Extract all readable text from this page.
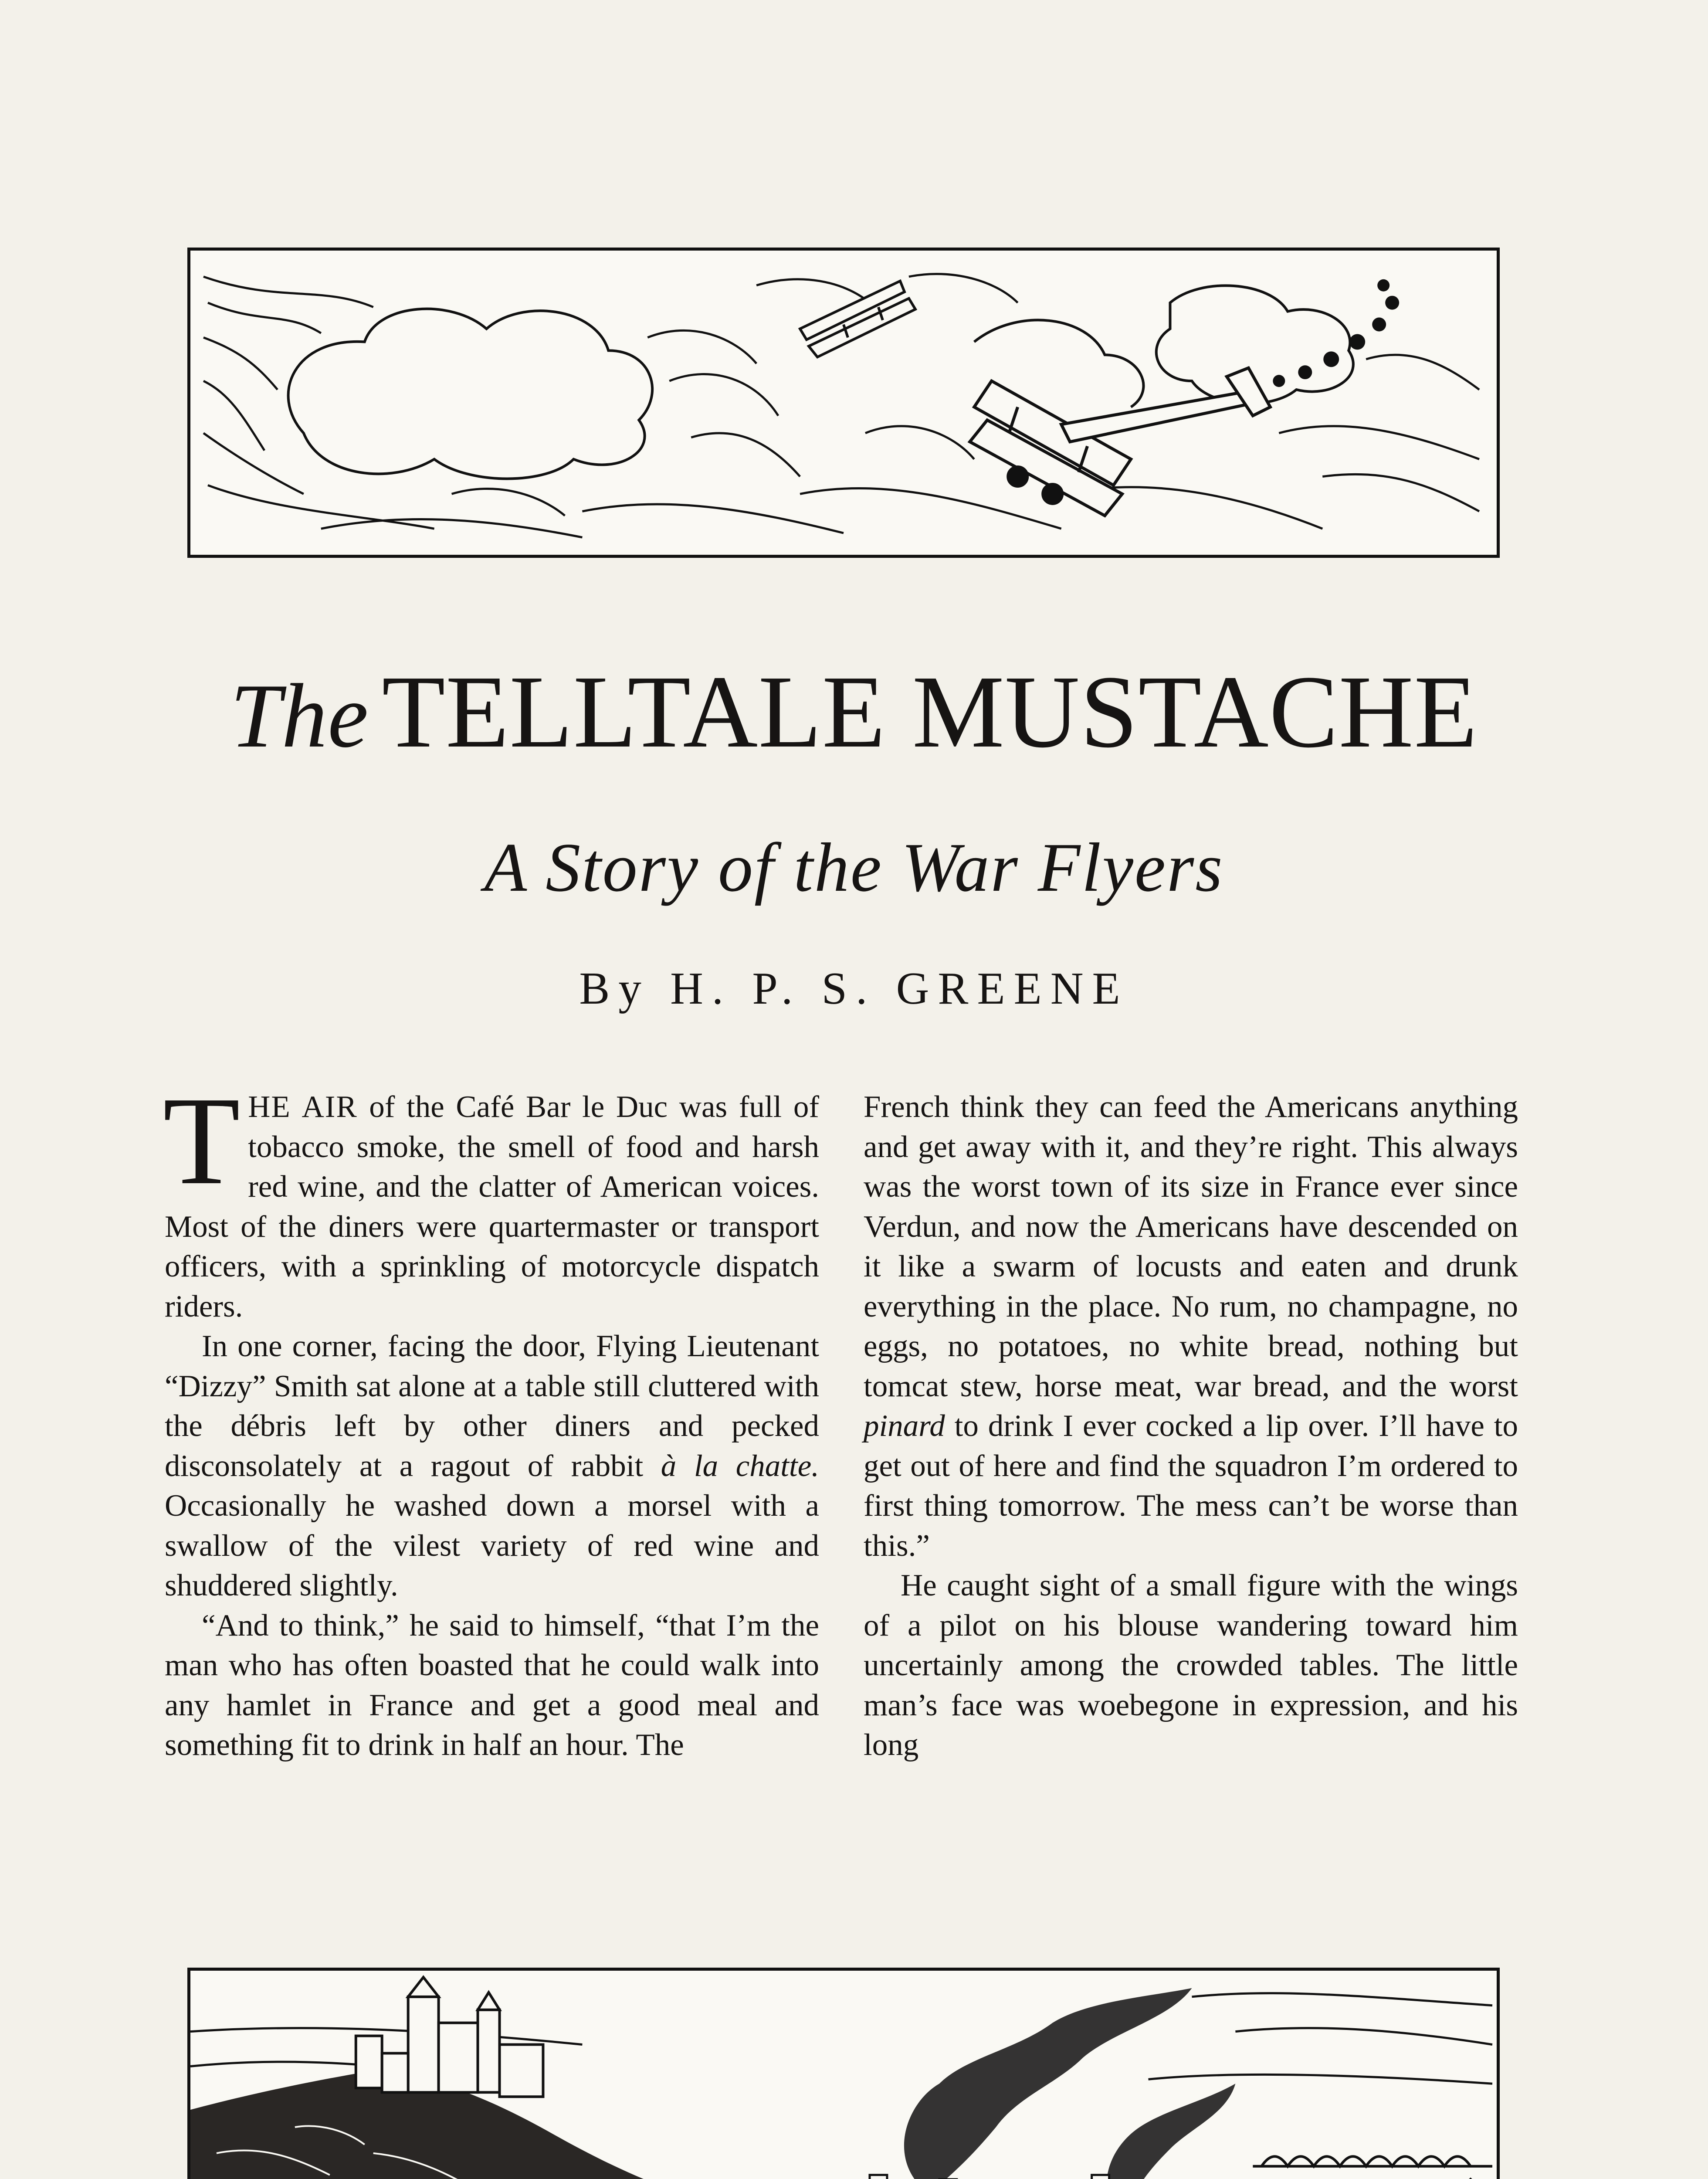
The TELLTALE MUSTACHE
A Story of the War Flyers
By H. P. S. GREENE

THE AIR of the Café Bar le Duc was full of tobacco smoke, the smell of food and harsh red wine, and the clatter of American voices. Most of the diners were quartermaster or transport officers, with a sprinkling of motorcycle dispatch riders.

In one corner, facing the door, Flying Lieutenant “Dizzy” Smith sat alone at a table still cluttered with the débris left by other diners and pecked disconsolately at a ragout of rabbit à la chatte. Occasionally he washed down a morsel with a swallow of the vilest variety of red wine and shuddered slightly.

“And to think,” he said to himself, “that I’m the man who has often boasted that he could walk into any hamlet in France and get a good meal and something fit to drink in half an hour. The

French think they can feed the Americans anything and get away with it, and they’re right. This always was the worst town of its size in France ever since Verdun, and now the Americans have descended on it like a swarm of locusts and eaten and drunk everything in the place. No rum, no champagne, no eggs, no potatoes, no white bread, nothing but tomcat stew, horse meat, war bread, and the worst pinard to drink I ever cocked a lip over. I’ll have to get out of here and find the squadron I’m ordered to first thing tomorrow. The mess can’t be worse than this.”

He caught sight of a small figure with the wings of a pilot on his blouse wandering toward him uncertainly among the crowded tables. The little man’s face was woebegone in expression, and his long
